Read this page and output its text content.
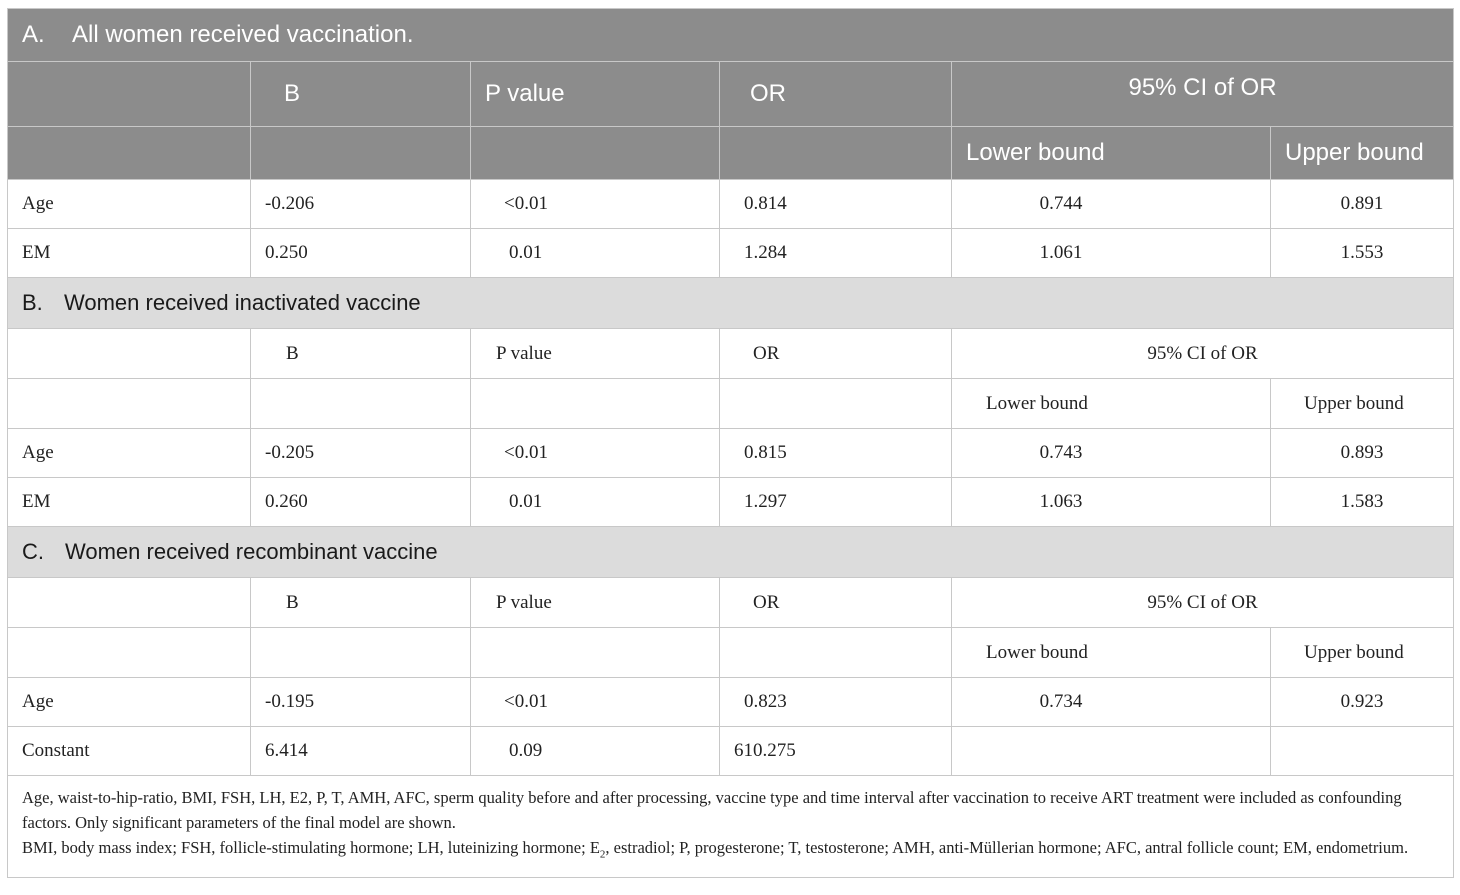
A. All women received vaccination.					
	B	P value	OR	95% CI of OR	
				Lower bound	Upper bound
Age	-0.206	<0.01	0.814	0.744	0.891
EM	0.250	0.01	1.284	1.061	1.553
B. Women received inactivated vaccine					
	B	P value	OR	95% CI of OR	
				Lower bound	Upper bound
Age	-0.205	<0.01	0.815	0.743	0.893
EM	0.260	0.01	1.297	1.063	1.583
C. Women received recombinant vaccine					
	B	P value	OR	95% CI of OR	
				Lower bound	Upper bound
Age	-0.195	<0.01	0.823	0.734	0.923
Constant	6.414	0.09	610.275		

Age, waist-to-hip-ratio, BMI, FSH, LH, E2, P, T, AMH, AFC, sperm quality before and after processing, vaccine type and time interval after vaccination to receive ART treatment were included as confounding factors. Only significant parameters of the final model are shown.
BMI, body mass index; FSH, follicle-stimulating hormone; LH, luteinizing hormone; $E_2$, estradiol; P, progesterone; T, testosterone; AMH, anti-Müllerian hormone; AFC, antral follicle count; EM, endometrium.					
